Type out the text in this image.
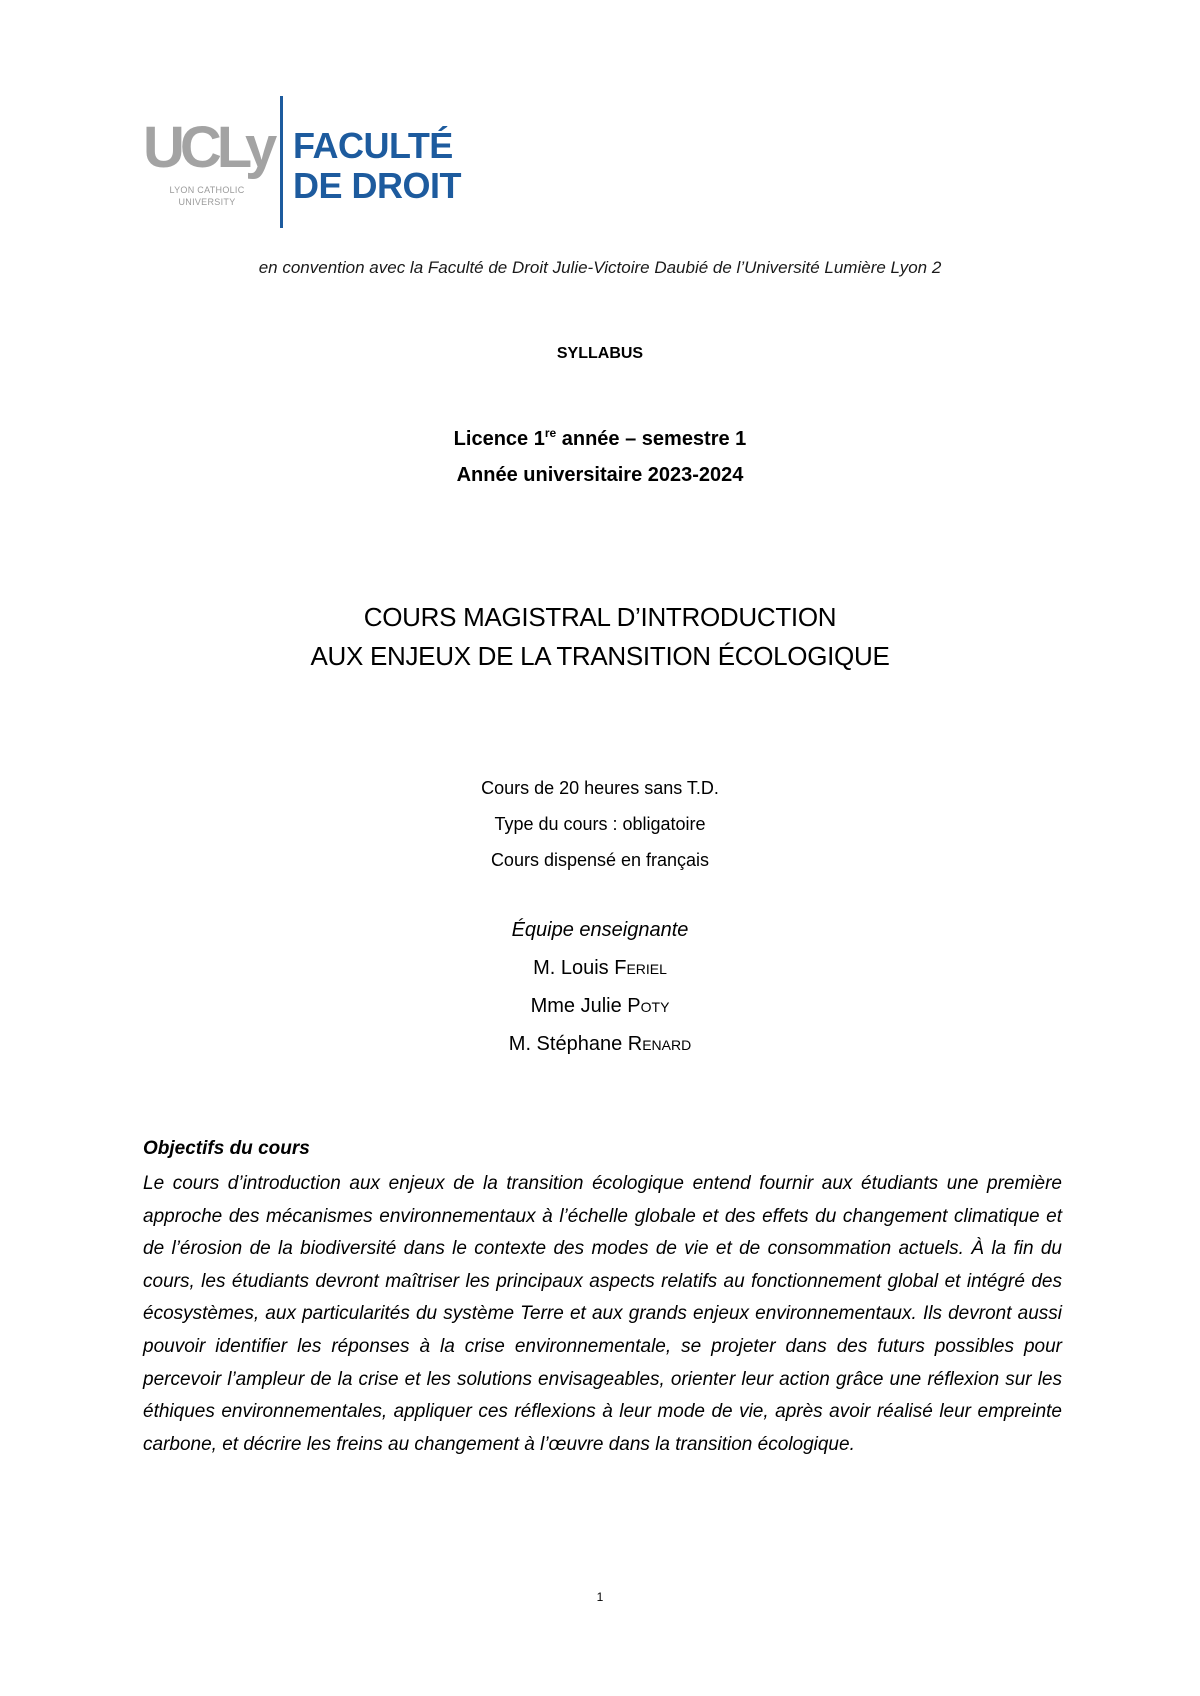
UCLy
LYON CATHOLIC
UNIVERSITY
FACULTÉ
DE DROIT
en convention avec la Faculté de Droit Julie-Victoire Daubié de l’Université Lumière Lyon 2
SYLLABUS
Licence 1re année – semestre 1
Année universitaire 2023-2024
COURS MAGISTRAL D’INTRODUCTION
AUX ENJEUX DE LA TRANSITION ÉCOLOGIQUE
Cours de 20 heures sans T.D.
Type du cours : obligatoire
Cours dispensé en français
Équipe enseignante
M. Louis Feriel
Mme Julie Poty
M. Stéphane Renard
Objectifs du cours

Le cours d’introduction aux enjeux de la transition écologique entend fournir aux étudiants une première approche des mécanismes environnementaux à l’échelle globale et des effets du changement climatique et de l’érosion de la biodiversité dans le contexte des modes de vie et de consommation actuels. À la fin du cours, les étudiants devront maîtriser les principaux aspects relatifs au fonctionnement global et intégré des écosystèmes, aux particularités du système Terre et aux grands enjeux environnementaux. Ils devront aussi pouvoir identifier les réponses à la crise environnementale, se projeter dans des futurs possibles pour percevoir l’ampleur de la crise et les solutions envisageables, orienter leur action grâce une réflexion sur les éthiques environnementales, appliquer ces réflexions à leur mode de vie, après avoir réalisé leur empreinte carbone, et décrire les freins au changement à l’œuvre dans la transition écologique.

1
